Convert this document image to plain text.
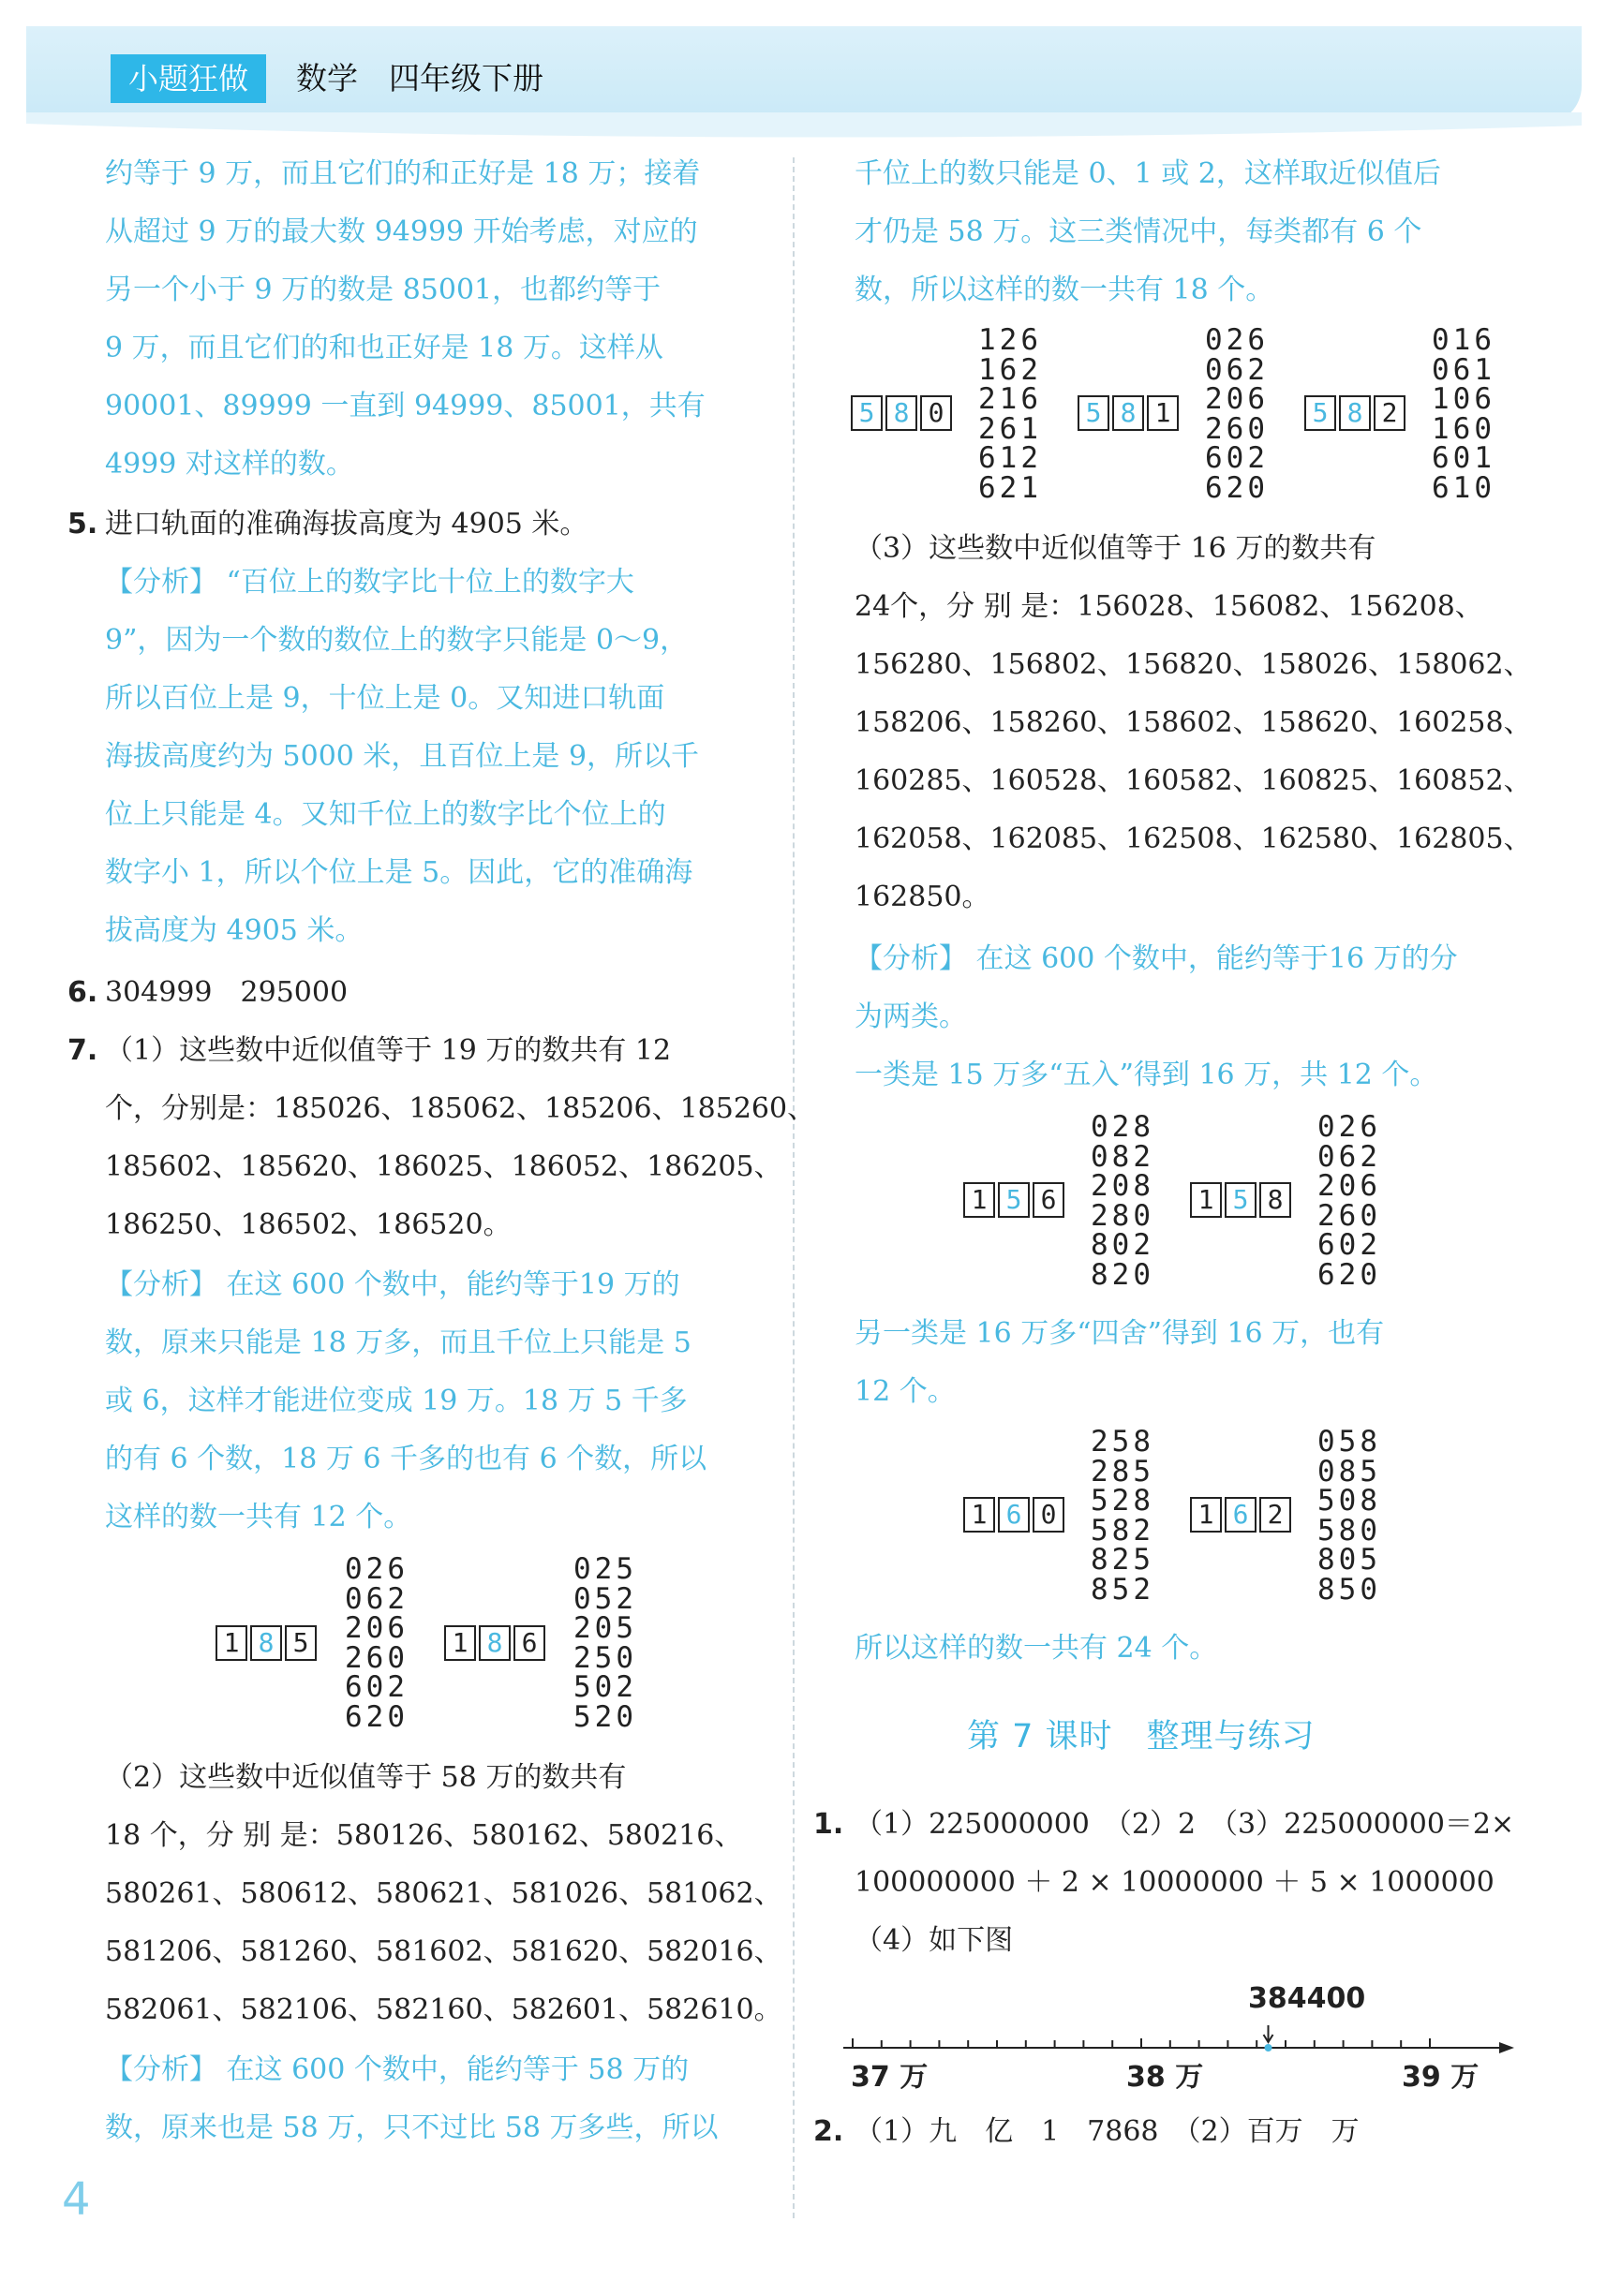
小题狂做	数学　四年级下册
约等于 9 万，而且它们的和正好是 18 万；接着
从超过 9 万的最大数 94999 开始考虑，对应的
另一个小于 9 万的数是 85001，也都约等于
9 万，而且它们的和也正好是 18 万。这样从
90001、89999 一直到 94999、85001，共有
4999 对这样的数。
5. 进口轨面的准确海拔高度为 4905 米。
【分析】 “百位上的数字比十位上的数字大
9”，因为一个数的数位上的数字只能是 0～9，
所以百位上是 9，十位上是 0。又知进口轨面
海拔高度约为 5000 米，且百位上是 9，所以千
位上只能是 4。又知千位上的数字比个位上的
数字小 1，所以个位上是 5。因此，它的准确海
拔高度为 4905 米。
6. 304999　295000
7. （1）这些数中近似值等于 19 万的数共有 12
个，分别是：185026、185062、185206、185260、
185602、185620、186025、186052、186205、
186250、186502、186520。
【分析】 在这 600 个数中，能约等于19 万的
数，原来只能是 18 万多，而且千位上只能是 5
或 6，这样才能进位变成 19 万。18 万 5 千多
的有 6 个数，18 万 6 千多的也有 6 个数，所以
这样的数一共有 12 个。
1 8 5
026
062
206
260
602
620
1 8 6
025
052
205
250
502
520
（2）这些数中近似值等于 58 万的数共有
18 个，分 别 是：580126、580162、580216、
580261、580612、580621、581026、581062、
581206、581260、581602、581620、582016、
582061、582106、582160、582601、582610。
【分析】 在这 600 个数中，能约等于 58 万的
数，原来也是 58 万，只不过比 58 万多些，所以
4
千位上的数只能是 0、1 或 2，这样取近似值后
才仍是 58 万。这三类情况中，每类都有 6 个
数，所以这样的数一共有 18 个。
5 8 0
126
162
216
261
612
621
5 8 1
026
062
206
260
602
620
5 8 2
016
061
106
160
601
610
（3）这些数中近似值等于 16 万的数共有
24个，分 别 是：156028、156082、156208、
156280、156802、156820、158026、158062、
158206、158260、158602、158620、160258、
160285、160528、160582、160825、160852、
162058、162085、162508、162580、162805、
162850。
【分析】 在这 600 个数中，能约等于16 万的分
为两类。
一类是 15 万多“五入”得到 16 万，共 12 个。
1 5 6
028
082
208
280
802
820
1 5 8
026
062
206
260
602
620
另一类是 16 万多“四舍”得到 16 万，也有
12 个。
1 6 0
258
285
528
582
825
852
1 6 2
058
085
508
580
805
850
所以这样的数一共有 24 个。
第 7 课时　整理与练习
1. （1）225000000　（2）2　（3）225000000＝2×
100000000 ＋ 2 × 10000000 ＋ 5 × 1000000
（4）如下图
384400
37 万	38 万	39 万
2. （1）九　亿　1　7868　（2）百万　万
